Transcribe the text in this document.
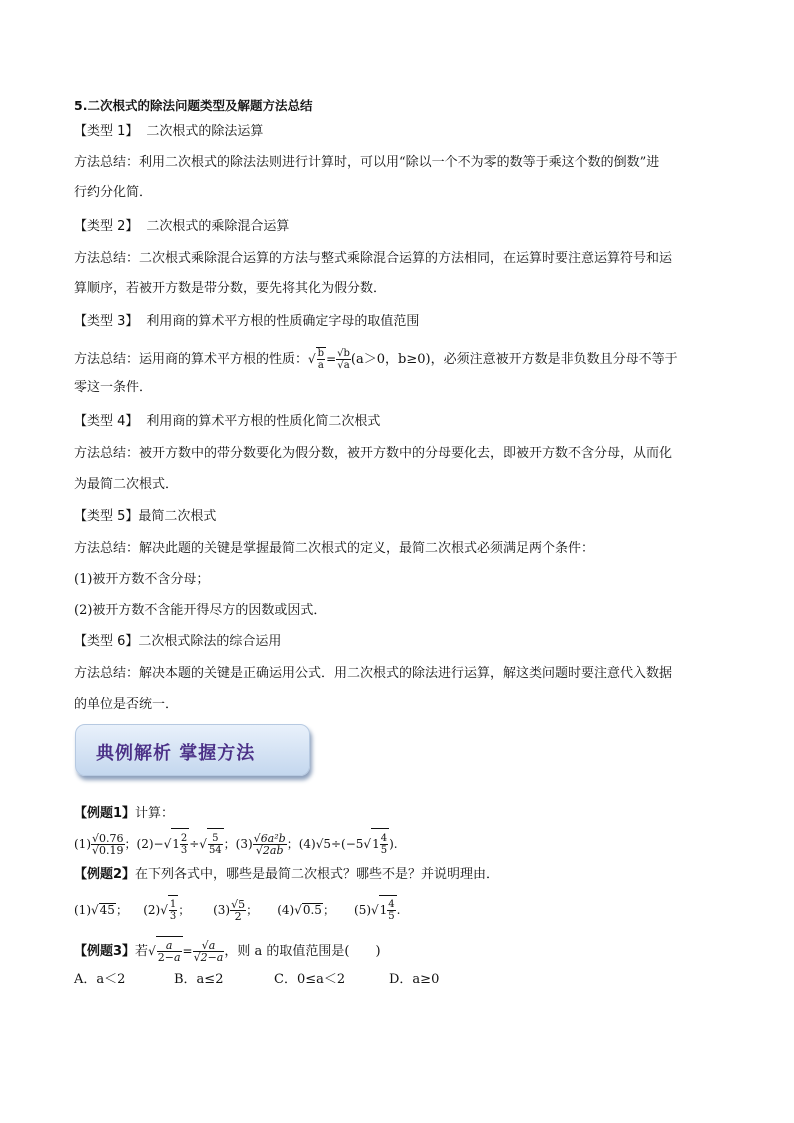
5.二次根式的除法问题类型及解题方法总结
【类型 1】 二次根式的除法运算
方法总结：利用二次根式的除法法则进行计算时，可以用“除以一个不为零的数等于乘这个数的倒数”进
行约分化简．
【类型 2】 二次根式的乘除混合运算
方法总结：二次根式乘除混合运算的方法与整式乘除混合运算的方法相同，在运算时要注意运算符号和运
算顺序，若被开方数是带分数，要先将其化为假分数．
【类型 3】 利用商的算术平方根的性质确定字母的取值范围
方法总结：运用商的算术平方根的性质：√ $\frac{b}{a} = \frac{√b}{√a} (a>0$，b≥0)，必须注意被开方数是非负数且分母不等于
零这一条件．
【类型 4】 利用商的算术平方根的性质化简二次根式
方法总结：被开方数中的带分数要化为假分数，被开方数中的分母要化去，即被开方数不含分母，从而化
为最简二次根式．
【类型 5】最简二次根式
方法总结：解决此题的关键是掌握最简二次根式的定义，最简二次根式必须满足两个条件：
(1)被开方数不含分母；
(2)被开方数不含能开得尽方的因数或因式．
【类型 6】二次根式除法的综合运用
方法总结：解决本题的关键是正确运用公式．用二次根式的除法进行运算，解这类问题时要注意代入数据
的单位是否统一．
典例解析 掌握方法
【例题1】计算：
$(1) \frac{√0.76}{√0.19}$ ；$(2)-√1 \frac{2}{3}$ ÷√ $\frac{5}{54}$ ；$(3) \frac{\text{√6a²b}}{√2ab}$ ；$(4)√5\div(-5√1 \frac{4}{5}$ ).
【例题2】在下列各式中，哪些是最简二次根式？哪些不是？并说明理由．
(1)√45；    $(2)√ \frac{1}{3}$ ；      $(3) \frac{√5}{2}$ ；     (4)√0.5；     $(5)√1 \frac{4}{5}$ .
【例题3】若√ $\frac{a}{2-a} = \frac{√a}{√2-a}$ ，则 a 的取值范围是(　　)
A．a＜2	B．a≤2	C．0≤a＜2	D．a≥0
